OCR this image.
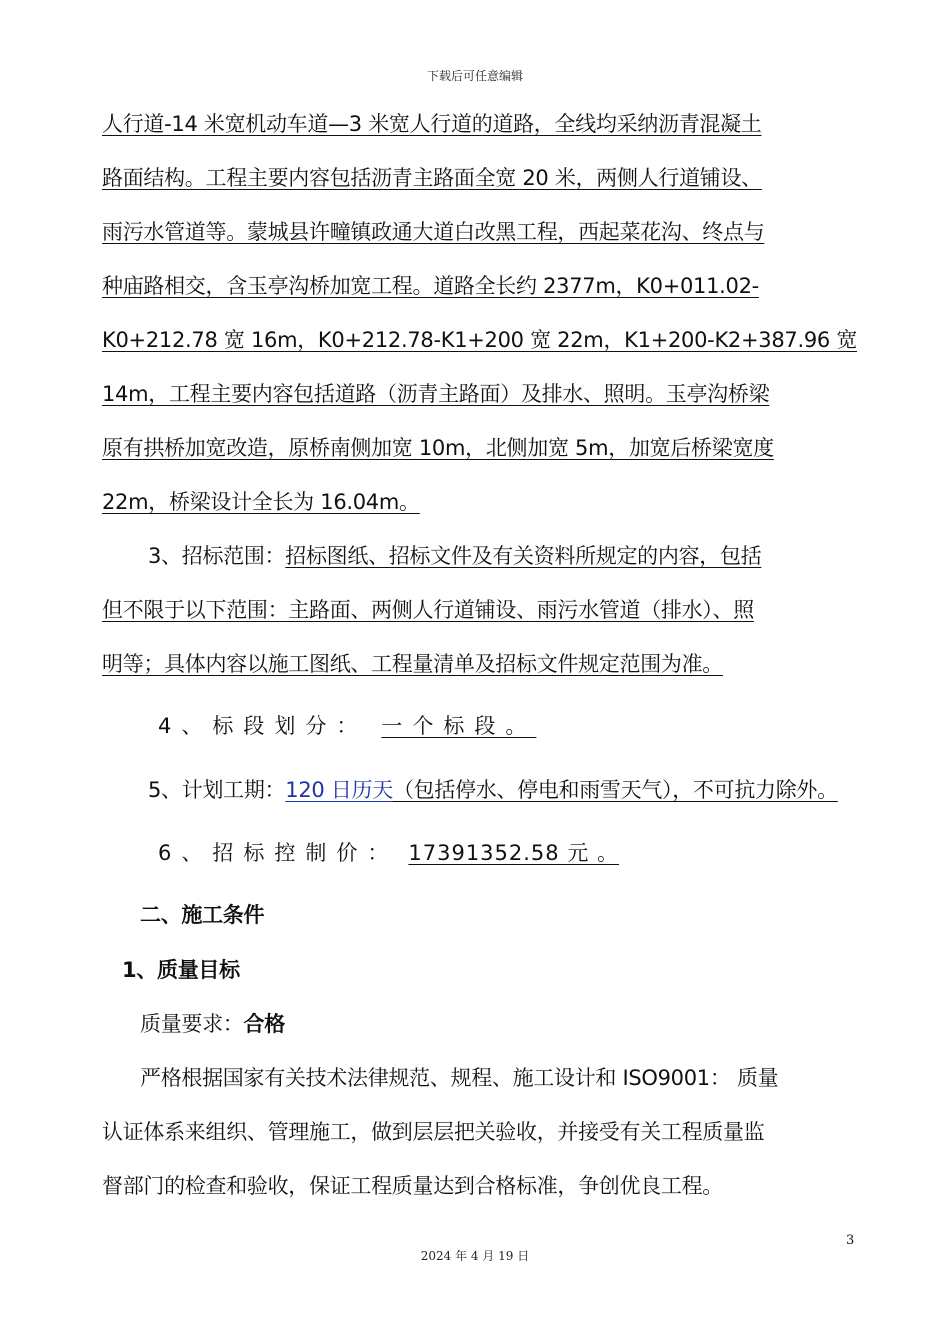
下载后可任意编辑
人行道-14 米宽机动车道—3 米宽人行道的道路，全线均采纳沥青混凝土
路面结构。工程主要内容包括沥青主路面全宽 20 米，两侧人行道铺设、
雨污水管道等。蒙城县许疃镇政通大道白改黑工程，西起菜花沟、终点与
种庙路相交，含玉亭沟桥加宽工程。道路全长约 2377m，K0+011.02-
K0+212.78 宽 16m，K0+212.78-K1+200 宽 22m，K1+200-K2+387.96 宽
14m，工程主要内容包括道路（沥青主路面）及排水、照明。玉亭沟桥梁
原有拱桥加宽改造，原桥南侧加宽 10m，北侧加宽 5m，加宽后桥梁宽度
22m，桥梁设计全长为 16.04m。
3、招标范围：招标图纸、招标文件及有关资料所规定的内容，包括
但不限于以下范围：主路面、两侧人行道铺设、雨污水管道（排水）、照
明等；具体内容以施工图纸、工程量清单及招标文件规定范围为准。
4、标段划分： 一个标段。
5、计划工期：120 日历天（包括停水、停电和雨雪天气），不可抗力除外。
6、招标控制价： 17391352.58 元 。
二、施工条件
1、质量目标
质量要求：合格
严格根据国家有关技术法律规范、规程、施工设计和 ISO9001： 质量
认证体系来组织、管理施工，做到层层把关验收，并接受有关工程质量监
督部门的检查和验收，保证工程质量达到合格标准，争创优良工程。
3
2024 年 4 月 19 日
